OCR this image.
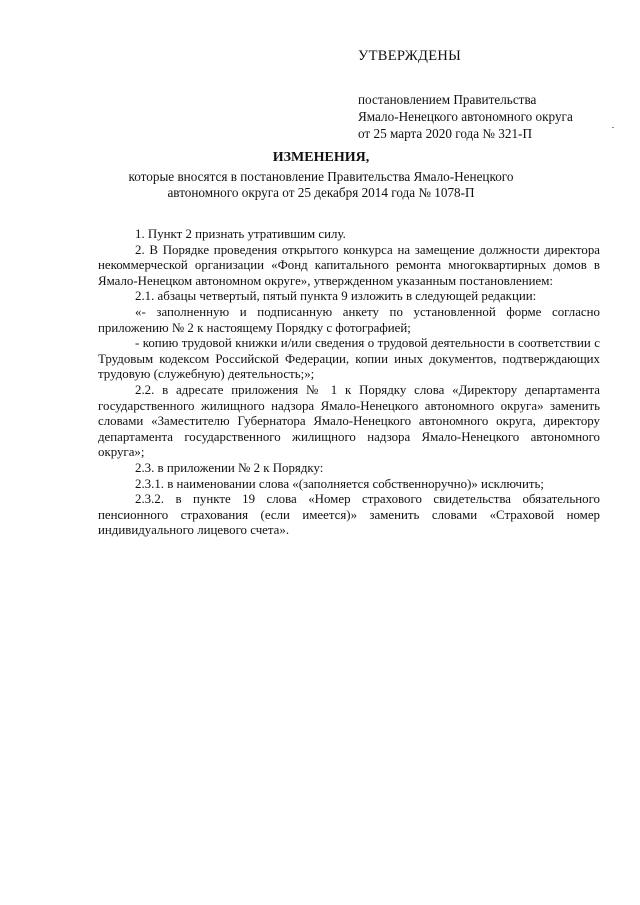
УТВЕРЖДЕНЫ
постановлением Правительства
Ямало-Ненецкого автономного округа
от 25 марта 2020 года № 321-П
ИЗМЕНЕНИЯ,
которые вносятся в постановление Правительства Ямало-Ненецкого
автономного округа от 25 декабря 2014 года № 1078-П

1. Пункт 2 признать утратившим силу.

2. В Порядке проведения открытого конкурса на замещение должности директора некоммерческой организации «Фонд капитального ремонта многоквартирных домов в Ямало-Ненецком автономном округе», утвержденном указанным постановлением:

2.1. абзацы четвертый, пятый пункта 9 изложить в следующей редакции:

«- заполненную и подписанную анкету по установленной форме согласно приложению № 2 к настоящему Порядку с фотографией;

- копию трудовой книжки и/или сведения о трудовой деятельности в соответствии с Трудовым кодексом Российской Федерации, копии иных документов, подтверждающих трудовую (служебную) деятельность;»;

2.2. в адресате приложения № 1 к Порядку слова «Директору департамента государственного жилищного надзора Ямало-Ненецкого автономного округа» заменить словами «Заместителю Губернатора Ямало-Ненецкого автономного округа, директору департамента государственного жилищного надзора Ямало-Ненецкого автономного округа»;

2.3. в приложении № 2 к Порядку:

2.3.1. в наименовании слова «(заполняется собственноручно)» исключить;

2.3.2. в пункте 19 слова «Номер страхового свидетельства обязательного пенсионного страхования (если имеется)» заменить словами «Страховой номер индивидуального лицевого счета».
